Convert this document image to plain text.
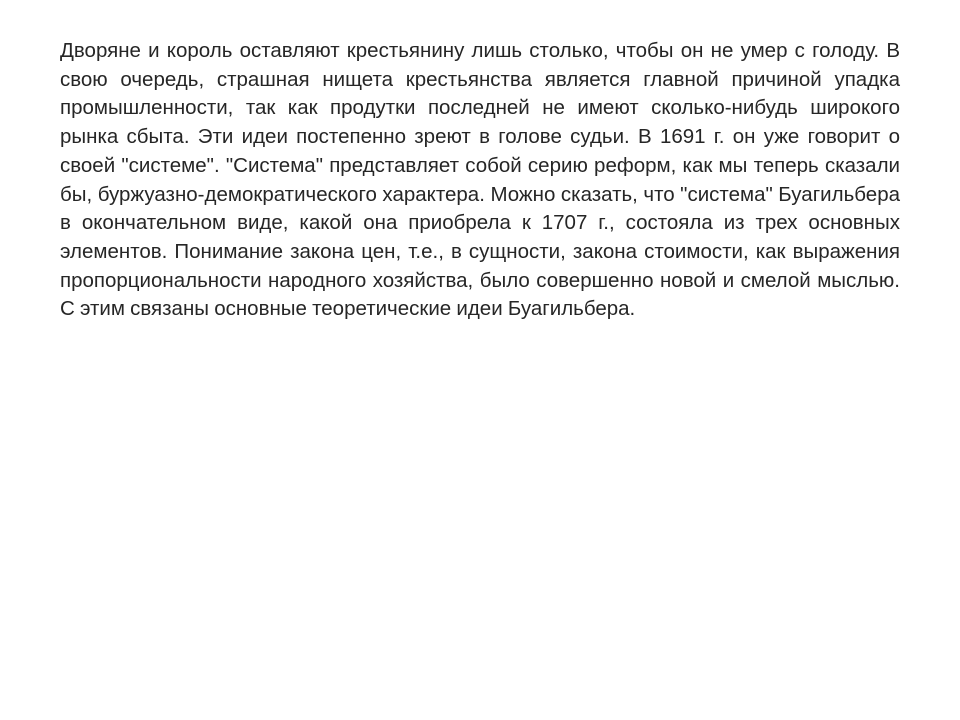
Дворяне и король оставляют крестьянину лишь столько, чтобы он не умер с голоду. В свою очередь, страшная нищета крестьянства является главной причиной упадка промышленности, так как продутки последней не имеют сколько-нибудь широкого рынка сбыта. Эти идеи постепенно зреют в голове судьи. В 1691 г. он уже говорит о своей "системе". "Система" представляет собой серию реформ, как мы теперь сказали бы, буржуазно-демократического характера. Можно сказать, что "система" Буагильбера в окончательном виде, какой она приобрела к 1707 г., состояла из трех основных элементов. Понимание закона цен, т.е., в сущности, закона стоимости, как выражения пропорциональности народного хозяйства, было совершенно новой и смелой мыслью. С этим связаны основные теоретические идеи Буагильбера.
